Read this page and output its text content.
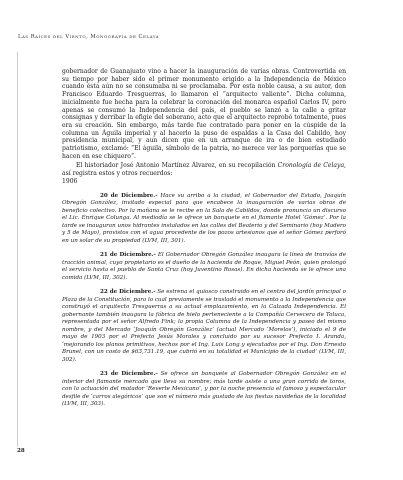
Las Raíces del Viento, Monografía de Celaya

gobernador de Guanajuato vino a hacer la inauguración de varias obras. Controvertida en su tiempo por haber sido el primer monumento erigido a la Independencia de México cuando ésta aún no se consumaba ni se proclamaba. Por esta noble causa, a su autor, don Francisco Eduardo Tresguerras, lo llamaron el “arquitecto valiente”. Dicha columna, inicialmente fue hecha para la celebrar la coronación del monarca español Carlos IV, pero apenas se consumó la Independencia del país, el pueblo se lanzó a la calle a gritar consignas y derribar la efigie del soberano, acto que el arquitecto reprobó totalmente, pues era su creación. Sin embargo, más tarde fue contratado para poner en la cúspide de la columna un Águila imperial y al hacerlo la puso de espaldas a la Casa del Cabildo, hoy presidencia municipal, y aun dicen que en un arranque de ira o de bien estudiado patriotismo, exclamó: “El águila, símbolo de la patria, no merece ver las porquerías que se hacen en ese chiquero”.

El historiador José Antonio Martínez Álvarez, en su recopilación Cronología de Celaya, así registra estos y otros recuerdos:

1906

20 de Diciembre.- Hace su arribo a la ciudad, el Gobernador del Estado, Joaquín Obregón González, invitado especial para que encabece la inauguración de varias obras de beneficio colectivo. Por la mañana se le recibe en la Sala de Cabildos, donde pronuncia un discurso el Lic. Enrique Colunga. Al mediodía se le ofrece un banquete en el flamante Hotel ‘Gómez’. Por la tarde se inauguran unos hidrantes instalados en las calles del Beaterio y del Seminario (hoy Madero y 5 de Mayo), provistos con el agua procedente de los pozos artesianos que el señor Gómez perforó en un solar de su propiedad (LVM, III, 301).

21 de Diciembre.- El Gobernador Obregón González inaugura la línea de tranvías de tracción animal, cuyo propietario es el dueño de la hacienda de Roque, Miguel Peón, quien prolongó el servicio hasta el pueblo de Santa Cruz (hoy Juventino Rosas). En dicha hacienda se le ofrece una comida (LVM, III, 302).

22 de Diciembre.- Se estrena el quiosco construido en el centro del jardín principal o Plaza de la Constitución, para lo cual previamente se trasladó el monumento a la Independencia que construyó el arquitecto Tresguerras a su actual emplazamiento, en la Calzada Independencia. El gobernante también inaugura la fábrica de hielo perteneciente a la Compañía Cervecera de Toluca, representada por el señor Alfredo Fink; la propia Columna de la Independencia y paseo del mismo nombre, y del Mercado ‘Joaquín Obregón González’ (actual Mercado ‘Morelos’), iniciado el 9 de mayo de 1903 por el Prefecto Jesús Morales y concluido por su sucesor Prefecto I. Aranda, ‘mejorando los planos primitivos, hechos por el Ing. Luis Long y ejecutados por el Ing. Don Ernesto Brunel, con un costo de $63,731.19, que cubrió en su totalidad el Municipio de la ciudad’ (LVM, III, 302).

23 de Diciembre.- Se ofrece un banquete al Gobernador Obregón González en el interior del flamante mercado que lleva su nombre; más tarde asiste a una gran corrida de toros, con la actuación del matador ‘Reverte Mexicano’, y por la noche presencia el famoso y espectacular desfile de ‘carros alegóricos’ que son el número más gustado de las fiestas navideñas de la localidad (LVM, III, 303).

28
